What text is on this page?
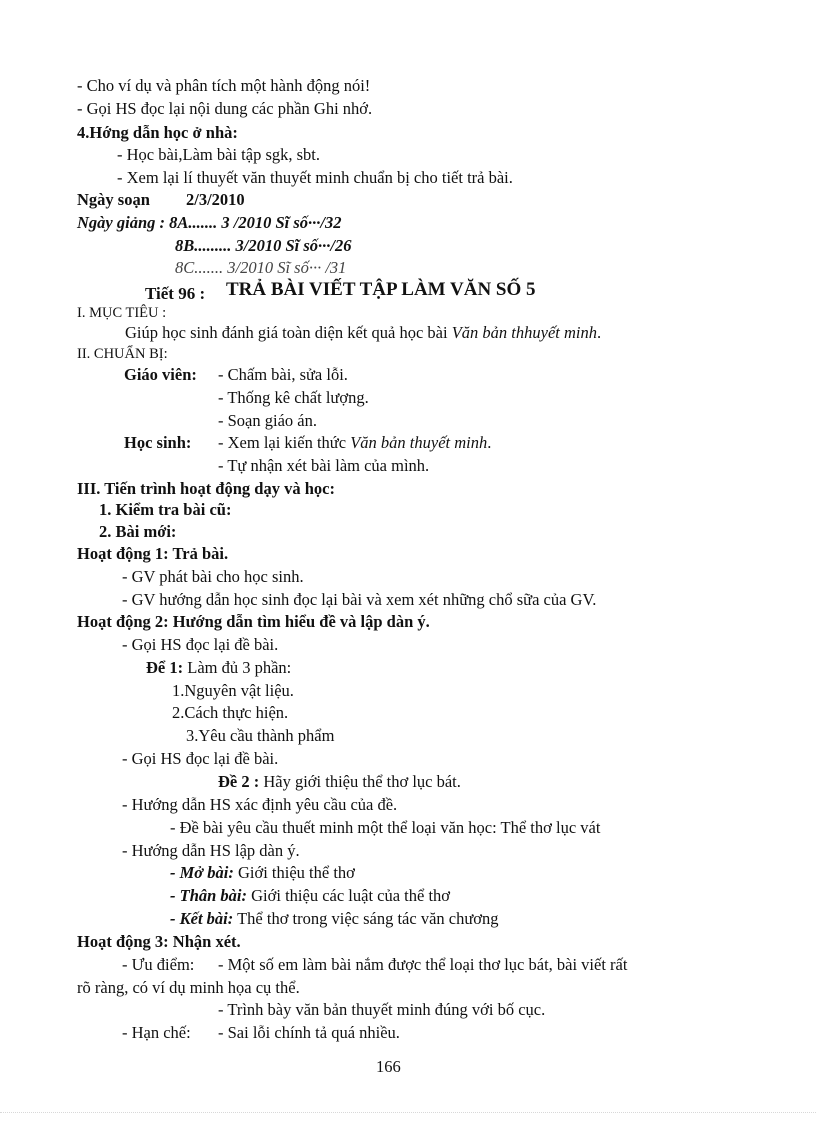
- Cho ví dụ và phân tích một hành động nói!
- Gọi HS đọc lại nội dung các phần Ghi nhớ.
4.Hớng dẫn học ở nhà:
- Học bài,Làm bài tập sgk, sbt.
- Xem lại lí thuyết văn thuyết minh chuẩn bị cho tiết trả bài.
Ngày soạn 2/3/2010
Ngày giảng : 8A....... 3 /2010 Sĩ số···/32
8B......... 3/2010 Sĩ số···/26
8C....... 3/2010 Sĩ số··· /31
Tiết 96 : TRẢ BÀI VIẾT TẬP LÀM VĂN SỐ 5
I. MỤC TIÊU :
Giúp học sinh đánh giá toàn diện kết quả học bài Văn bản thhuyết minh.
II. CHUẨN BỊ:
Giáo viên: - Chấm bài, sửa lỗi.
- Thống kê chất lượng.
- Soạn giáo án.
Học sinh: - Xem lại kiến thức Văn bản thuyết minh.
- Tự nhận xét bài làm của mình.
III. Tiến trình hoạt động dạy và học:
1. Kiểm tra bài cũ:
2. Bài mới:
Hoạt động 1: Trả bài.
- GV phát bài cho học sinh.
- GV hướng dẫn học sinh đọc lại bài và xem xét những chổ sữa của GV.
Hoạt động 2: Hướng dẫn tìm hiểu đề và lập dàn ý.
- Gọi HS đọc lại đề bài.
Để 1: Làm đủ 3 phần:
1.Nguyên vật liệu.
2.Cách thực hiện.
3.Yêu cầu thành phẩm
- Gọi HS đọc lại đề bài.
Đề 2 : Hãy giới thiệu thể thơ lục bát.
- Hướng dẫn HS xác định yêu cầu của đề.
- Đề bài yêu cầu thuết minh một thể loại văn học: Thể thơ lục vát
- Hướng dẫn HS lập dàn ý.
- Mở bài: Giới thiệu thể thơ
- Thân bài: Giới thiệu các luật của thể thơ
- Kết bài: Thể thơ trong việc sáng tác văn chương
Hoạt động 3: Nhận xét.
- Ưu điểm: - Một số em làm bài nắm được thể loại thơ lục bát, bài viết rất
rõ ràng, có ví dụ minh họa cụ thể.
- Trình bày văn bản thuyết minh đúng với bố cục.
- Hạn chế: - Sai lỗi chính tả quá nhiều.
166
